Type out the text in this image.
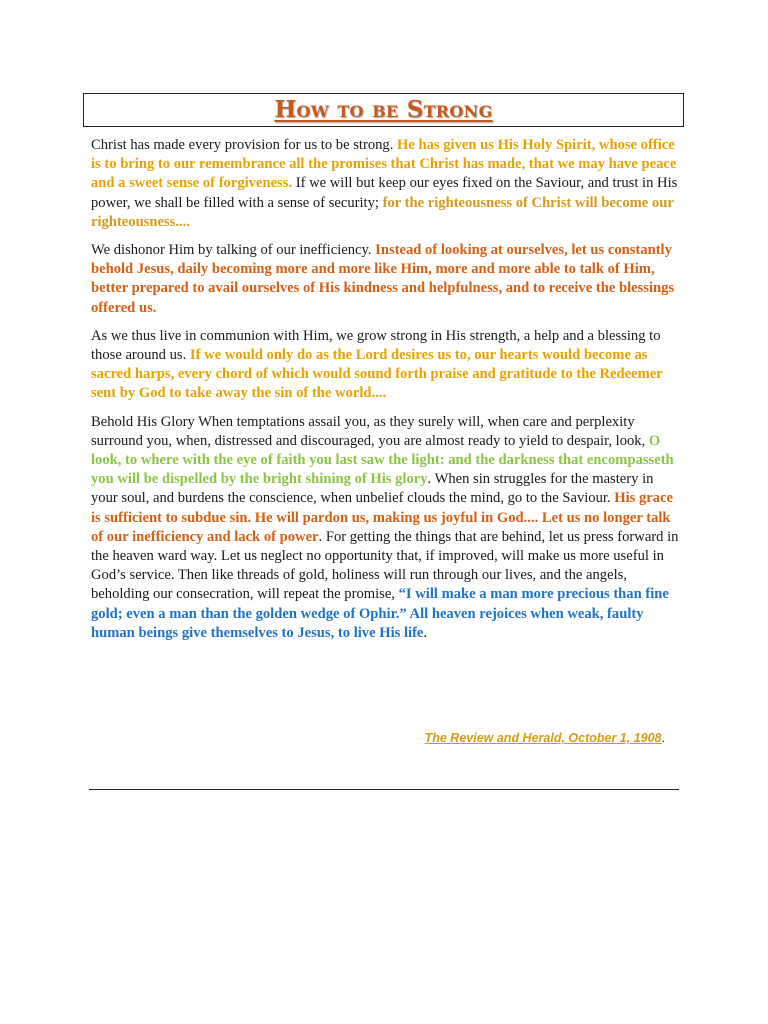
How to be Strong

Christ has made every provision for us to be strong. He has given us His Holy Spirit, whose office is to bring to our remembrance all the promises that Christ has made, that we may have peace and a sweet sense of forgiveness. If we will but keep our eyes fixed on the Saviour, and trust in His power, we shall be filled with a sense of security; for the righteousness of Christ will become our righteousness....

We dishonor Him by talking of our inefficiency. Instead of looking at ourselves, let us constantly behold Jesus, daily becoming more and more like Him, more and more able to talk of Him, better prepared to avail ourselves of His kindness and helpfulness, and to receive the blessings offered us.

As we thus live in communion with Him, we grow strong in His strength, a help and a blessing to those around us. If we would only do as the Lord desires us to, our hearts would become as sacred harps, every chord of which would sound forth praise and gratitude to the Redeemer sent by God to take away the sin of the world....

Behold His Glory When temptations assail you, as they surely will, when care and perplexity surround you, when, distressed and discouraged, you are almost ready to yield to despair, look, O look, to where with the eye of faith you last saw the light: and the darkness that encompasseth you will be dispelled by the bright shining of His glory. When sin struggles for the mastery in your soul, and burdens the conscience, when unbelief clouds the mind, go to the Saviour. His grace is sufficient to subdue sin. He will pardon us, making us joyful in God.... Let us no longer talk of our inefficiency and lack of power. For getting the things that are behind, let us press forward in the heaven ward way. Let us neglect no opportunity that, if improved, will make us more useful in God’s service. Then like threads of gold, holiness will run through our lives, and the angels, beholding our consecration, will repeat the promise, “I will make a man more precious than fine gold; even a man than the golden wedge of Ophir.” All heaven rejoices when weak, faulty human beings give themselves to Jesus, to live His life.

The Review and Herald, October 1, 1908.
